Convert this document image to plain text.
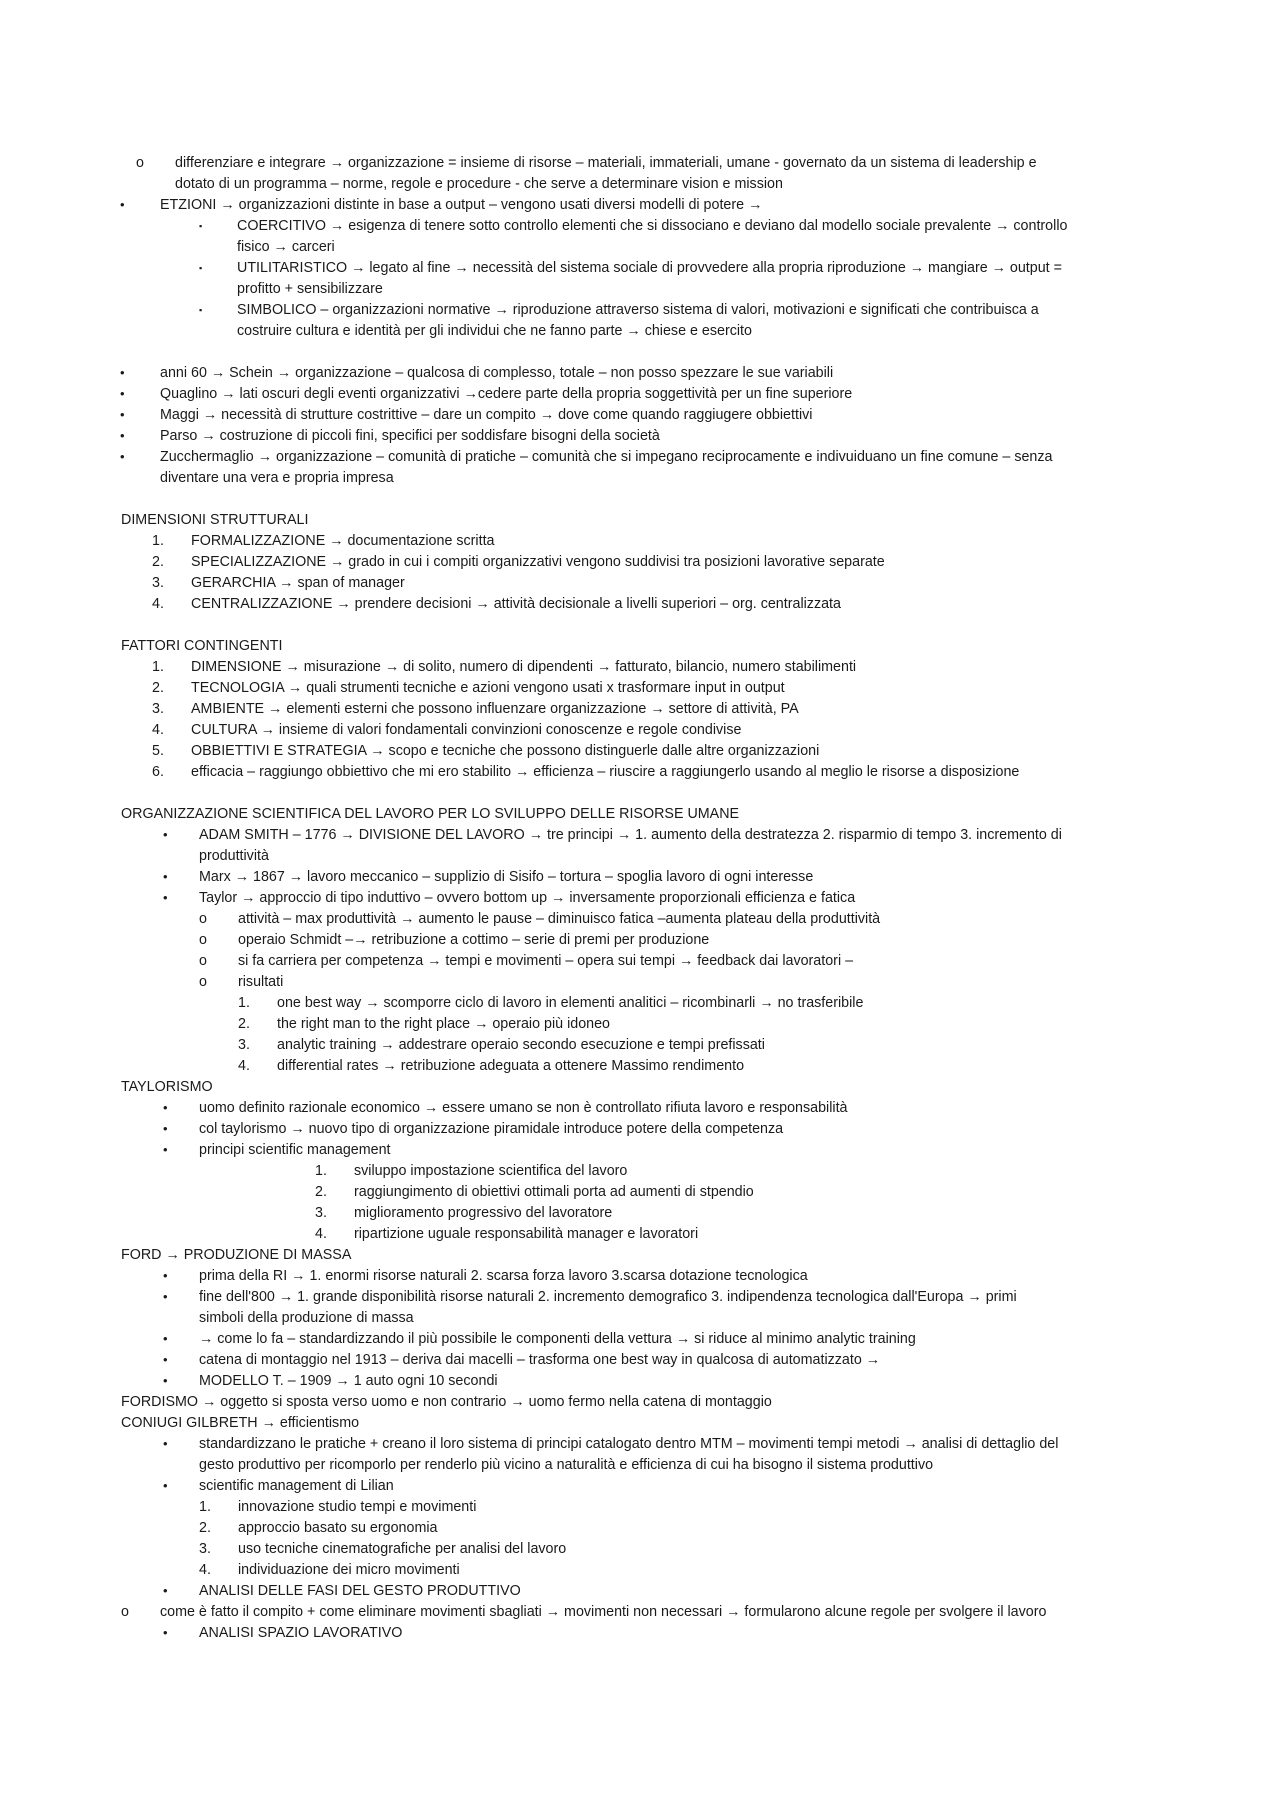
o differenziare e integrare → organizzazione = insieme di risorse – materiali, immateriali, umane - governato da un sistema di leadership e
dotato di un programma – norme, regole e procedure - che serve a determinare vision e mission
• ETZIONI → organizzazioni distinte in base a output – vengono usati diversi modelli di potere →
▪ COERCITIVO → esigenza di tenere sotto controllo elementi che si dissociano e deviano dal modello sociale prevalente → controllo
fisico → carceri
▪ UTILITARISTICO → legato al fine → necessità del sistema sociale di provvedere alla propria riproduzione → mangiare → output =
profitto + sensibilizzare
▪ SIMBOLICO – organizzazioni normative → riproduzione attraverso sistema di valori, motivazioni e significati che contribuisca a
costruire cultura e identità per gli individui che ne fanno parte → chiese e esercito
• anni 60 → Schein → organizzazione – qualcosa di complesso, totale – non posso spezzare le sue variabili
• Quaglino → lati oscuri degli eventi organizzativi →cedere parte della propria soggettività per un fine superiore
• Maggi → necessità di strutture costrittive – dare un compito → dove come quando raggiugere obbiettivi
• Parso → costruzione di piccoli fini, specifici per soddisfare bisogni della società
• Zucchermaglio → organizzazione – comunità di pratiche – comunità che si impegano reciprocamente e indivuiduano un fine comune – senza
diventare una vera e propria impresa
DIMENSIONI STRUTTURALI
1. FORMALIZZAZIONE → documentazione scritta
2. SPECIALIZZAZIONE → grado in cui i compiti organizzativi vengono suddivisi tra posizioni lavorative separate
3. GERARCHIA → span of manager
4. CENTRALIZZAZIONE → prendere decisioni → attività decisionale a livelli superiori – org. centralizzata
FATTORI CONTINGENTI
1. DIMENSIONE → misurazione → di solito, numero di dipendenti → fatturato, bilancio, numero stabilimenti
2. TECNOLOGIA → quali strumenti tecniche e azioni vengono usati x trasformare input in output
3. AMBIENTE → elementi esterni che possono influenzare organizzazione → settore di attività, PA
4. CULTURA → insieme di valori fondamentali convinzioni conoscenze e regole condivise
5. OBBIETTIVI E STRATEGIA → scopo e tecniche che possono distinguerle dalle altre organizzazioni
6. efficacia – raggiungo obbiettivo che mi ero stabilito → efficienza – riuscire a raggiungerlo usando al meglio le risorse a disposizione
ORGANIZZAZIONE SCIENTIFICA DEL LAVORO PER LO SVILUPPO DELLE RISORSE UMANE
• ADAM SMITH – 1776 → DIVISIONE DEL LAVORO → tre principi → 1. aumento della destratezza 2. risparmio di tempo 3. incremento di
produttività
• Marx → 1867 → lavoro meccanico – supplizio di Sisifo – tortura – spoglia lavoro di ogni interesse
• Taylor → approccio di tipo induttivo – ovvero bottom up → inversamente proporzionali efficienza e fatica
o attività – max produttività → aumento le pause – diminuisco fatica –aumenta plateau della produttività
o operaio Schmidt –→ retribuzione a cottimo – serie di premi per produzione
o si fa carriera per competenza → tempi e movimenti – opera sui tempi → feedback dai lavoratori –
o risultati
1. one best way → scomporre ciclo di lavoro in elementi analitici – ricombinarli → no trasferibile
2. the right man to the right place → operaio più idoneo
3. analytic training → addestrare operaio secondo esecuzione e tempi prefissati
4. differential rates → retribuzione adeguata a ottenere Massimo rendimento
TAYLORISMO
• uomo definito razionale economico → essere umano se non è controllato rifiuta lavoro e responsabilità
• col taylorismo → nuovo tipo di organizzazione piramidale introduce potere della competenza
• principi scientific management
1. sviluppo impostazione scientifica del lavoro
2. raggiungimento di obiettivi ottimali porta ad aumenti di stpendio
3. miglioramento progressivo del lavoratore
4. ripartizione uguale responsabilità manager e lavoratori
FORD → PRODUZIONE DI MASSA
• prima della RI → 1. enormi risorse naturali 2. scarsa forza lavoro 3.scarsa dotazione tecnologica
• fine dell'800 → 1. grande disponibilità risorse naturali 2. incremento demografico 3. indipendenza tecnologica dall'Europa → primi
simboli della produzione di massa
• → come lo fa – standardizzando il più possibile le componenti della vettura → si riduce al minimo analytic training
• catena di montaggio nel 1913 – deriva dai macelli – trasforma one best way in qualcosa di automatizzato →
• MODELLO T. – 1909 → 1 auto ogni 10 secondi
FORDISMO → oggetto si sposta verso uomo e non contrario → uomo fermo nella catena di montaggio
CONIUGI GILBRETH → efficientismo
• standardizzano le pratiche + creano il loro sistema di principi catalogato dentro MTM – movimenti tempi metodi → analisi di dettaglio del
gesto produttivo per ricomporlo per renderlo più vicino a naturalità e efficienza di cui ha bisogno il sistema produttivo
• scientific management di Lilian
1. innovazione studio tempi e movimenti
2. approccio basato su ergonomia
3. uso tecniche cinematografiche per analisi del lavoro
4. individuazione dei micro movimenti
• ANALISI DELLE FASI DEL GESTO PRODUTTIVO
o come è fatto il compito + come eliminare movimenti sbagliati → movimenti non necessari → formularono alcune regole per svolgere il lavoro
• ANALISI SPAZIO LAVORATIVO
